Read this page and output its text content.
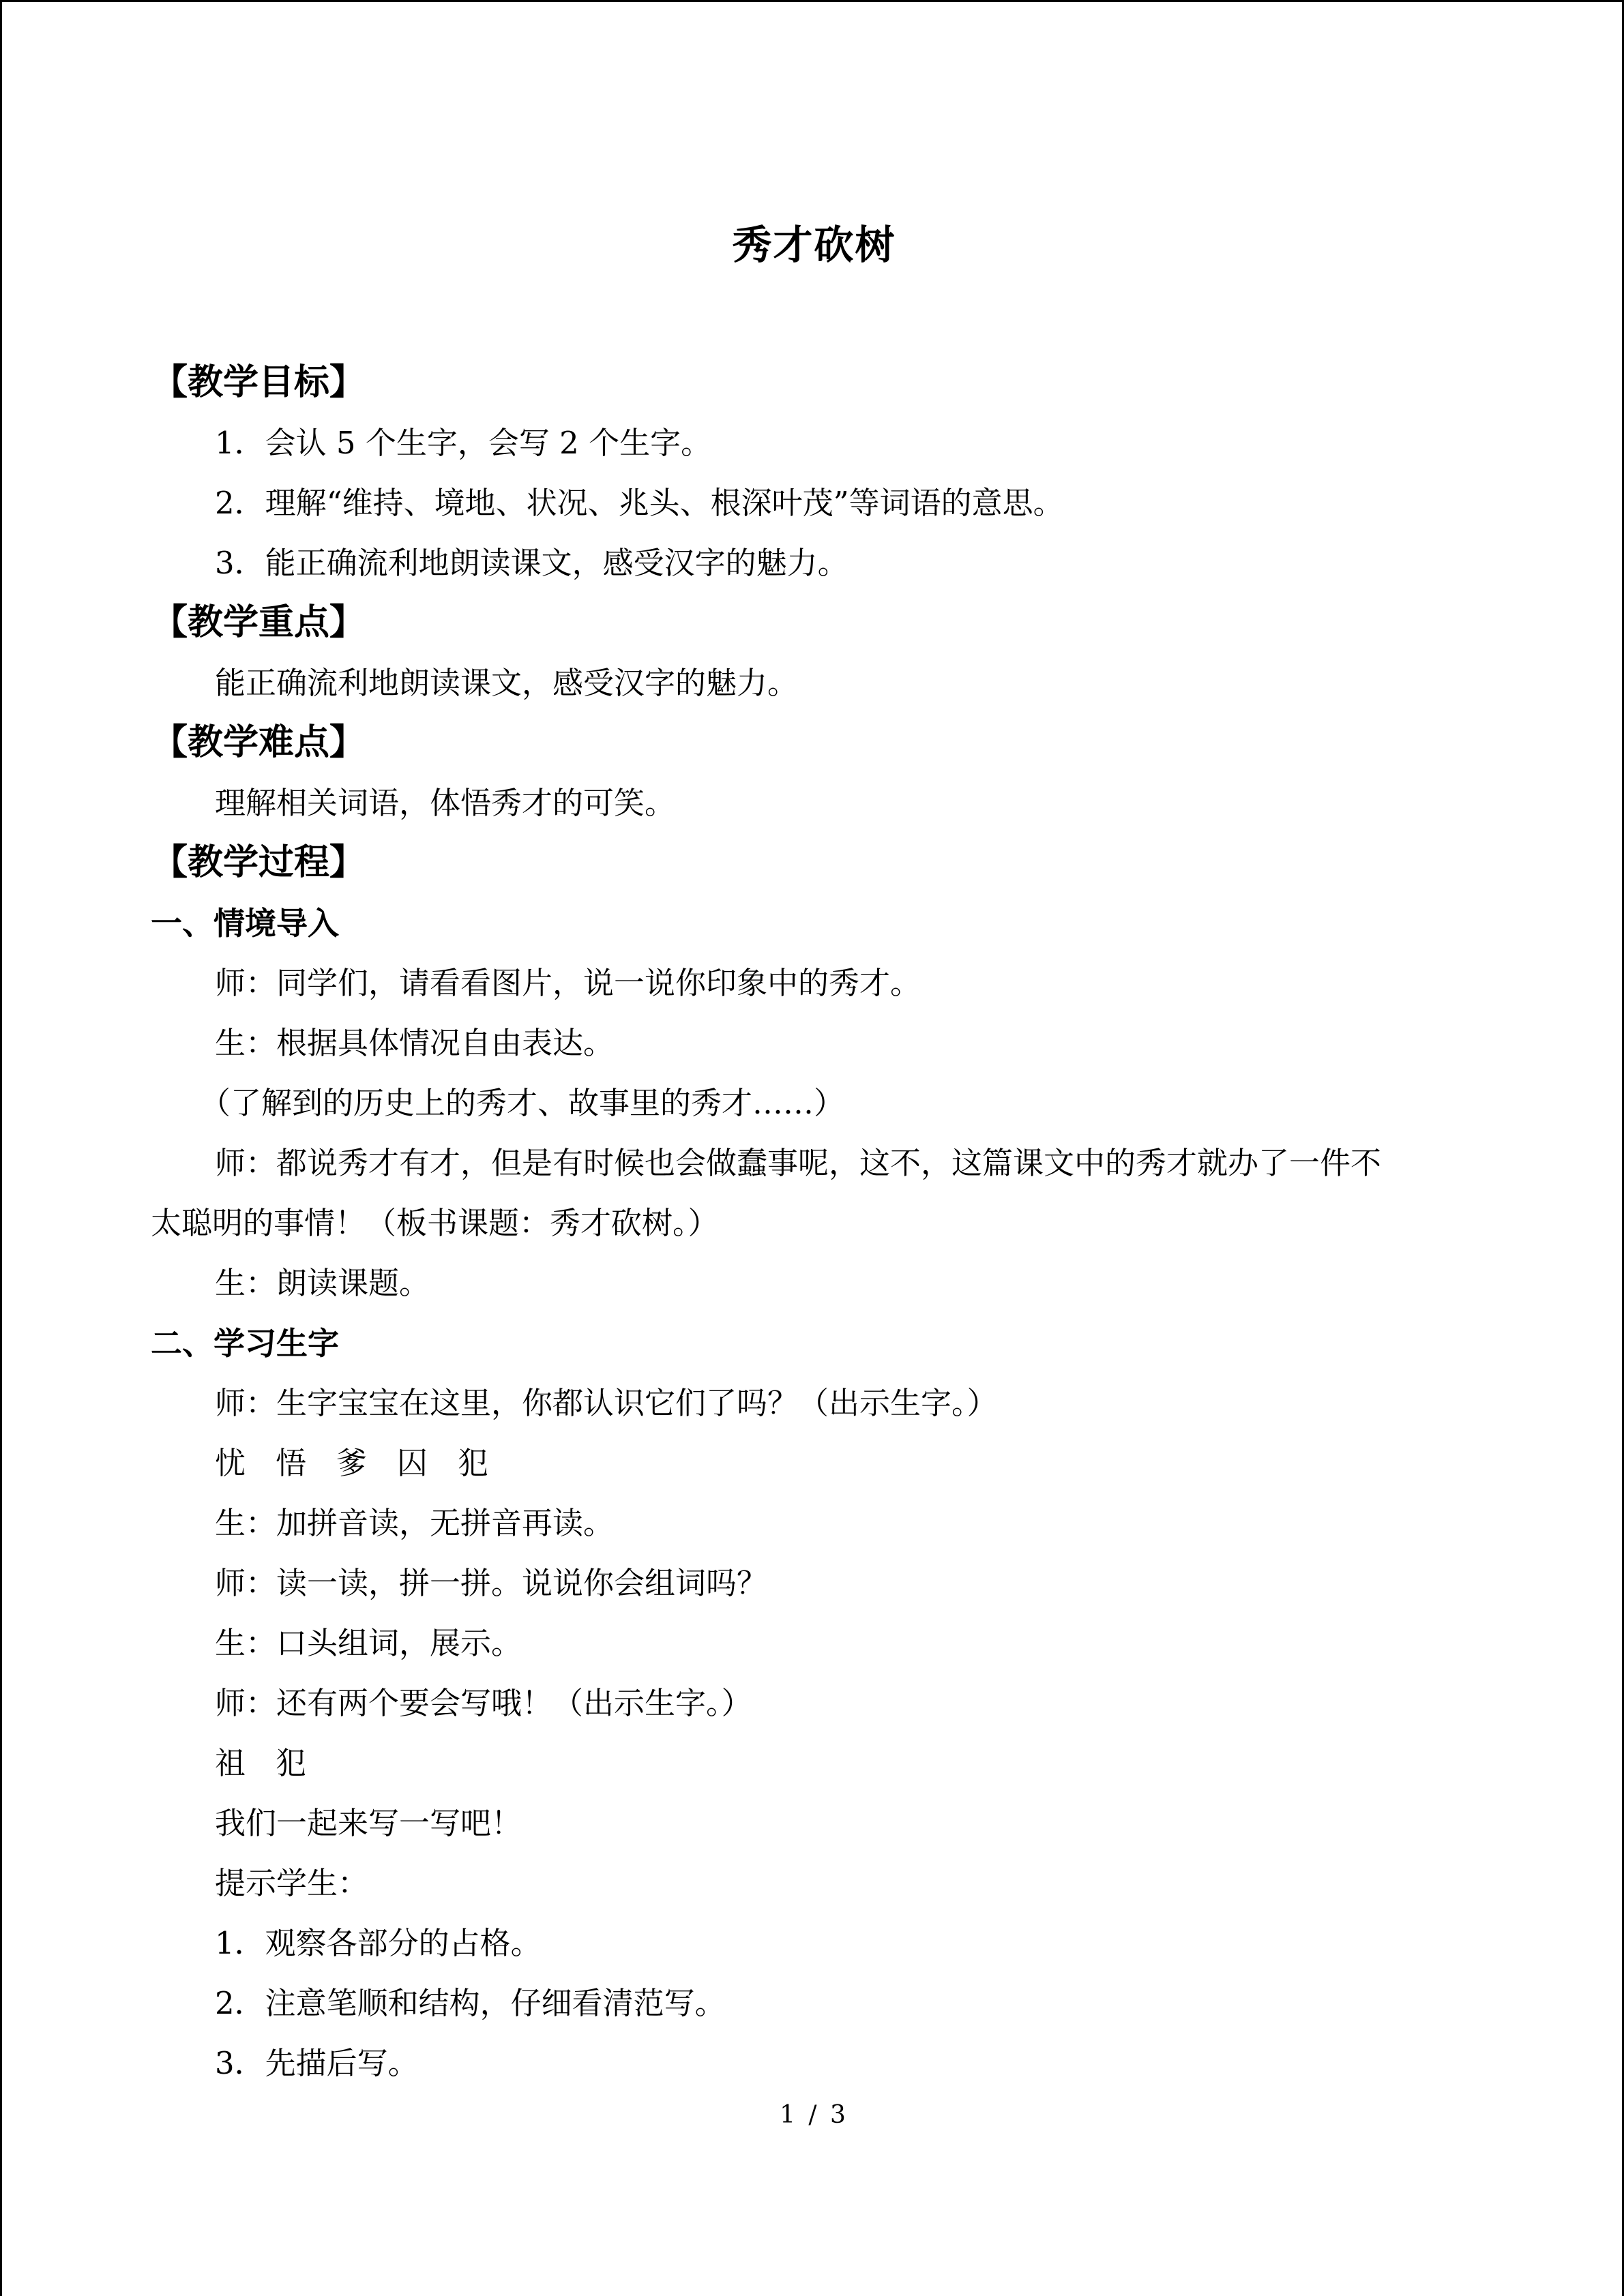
秀才砍树
【教学目标】
1．会认 5 个生字，会写 2 个生字。
2．理解“维持、境地、状况、兆头、根深叶茂”等词语的意思。
3．能正确流利地朗读课文，感受汉字的魅力。
【教学重点】
能正确流利地朗读课文，感受汉字的魅力。
【教学难点】
理解相关词语，体悟秀才的可笑。
【教学过程】
一、情境导入
师：同学们，请看看图片，说一说你印象中的秀才。
生：根据具体情况自由表达。
（了解到的历史上的秀才、故事里的秀才……）
师：都说秀才有才，但是有时候也会做蠢事呢，这不，这篇课文中的秀才就办了一件不
太聪明的事情！（板书课题：秀才砍树。）
生：朗读课题。
二、学习生字
师：生字宝宝在这里，你都认识它们了吗？（出示生字。）
忧悟爹囚犯
生：加拼音读，无拼音再读。
师：读一读，拼一拼。说说你会组词吗？
生：口头组词，展示。
师：还有两个要会写哦！（出示生字。）
祖犯
我们一起来写一写吧！
提示学生：
1．观察各部分的占格。
2．注意笔顺和结构，仔细看清范写。
3．先描后写。
1 / 3
